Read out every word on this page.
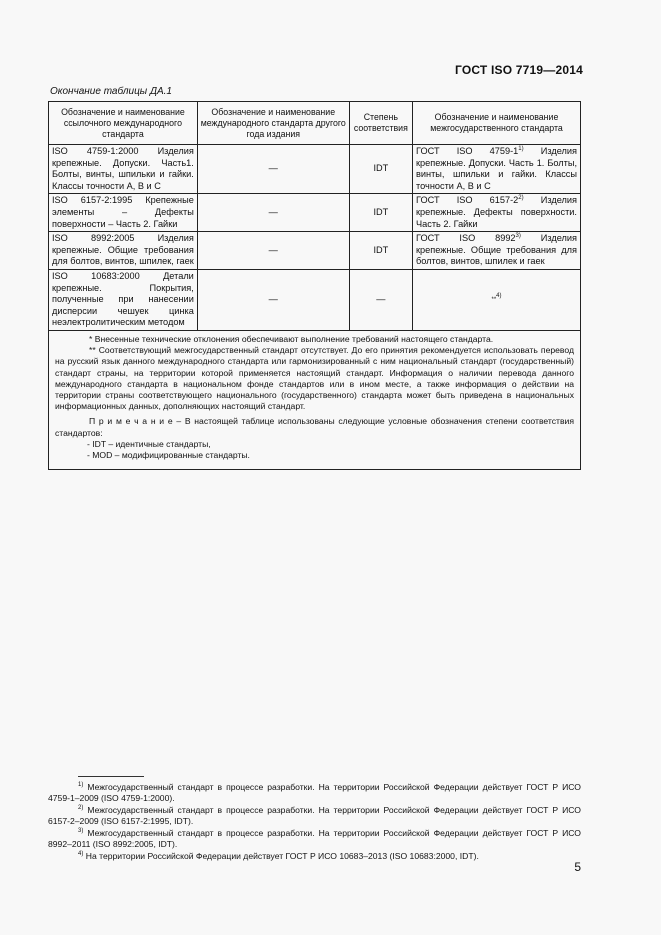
ГОСТ ISO 7719—2014
Окончание таблицы ДА.1
Обозначение и наименование ссылочного международного стандарта	Обозначение и наименование международного стандарта другого года издания	Степень соответствия	Обозначение и наименование межгосударственного стандарта
ISO 4759-1:2000 Изделия крепежные. Допуски. Часть1. Болты, винты, шпильки и гайки. Классы точности А, В и С	—	IDT	ГОСТ ISO 4759-1$^{1)}$ Изделия крепежные. Допуски. Часть 1. Болты, винты, шпильки и гайки. Классы точности А, В и С
ISO 6157-2:1995 Крепежные элементы – Дефекты поверхности – Часть 2. Гайки	—	IDT	ГОСТ ISO 6157-2$^{2)}$ Изделия крепежные. Дефекты поверхности. Часть 2. Гайки
ISO 8992:2005 Изделия крепежные. Общие требования для болтов, винтов, шпилек, гаек	—	IDT	ГОСТ ISO 8992$^{3)}$ Изделия крепежные. Общие требования для болтов, винтов, шпилек и гаек
ISO 10683:2000 Детали крепежные. Покрытия, полученные при нанесении дисперсии чешуек цинка неэлектролитическим методом	—	—	**$^{4)}$

* Внесенные технические отклонения обеспечивают выполнение требований настоящего стандарта.

** Соответствующий межгосударственный стандарт отсутствует. До его принятия рекомендуется использовать перевод на русский язык данного международного стандарта или гармонизированный с ним национальный стандарт (государственный) стандарт страны, на территории которой применяется настоящий стандарт. Информация о наличии перевода данного международного стандарта в национальном фонде стандартов или в ином месте, а также информация о действии на территории страны соответствующего национального (государственного) стандарта может быть приведена в национальных информационных данных, дополняющих настоящий стандарт.

П р и м е ч а н и е – В настоящей таблице использованы следующие условные обозначения степени соответствия стандартов:

- IDT – идентичные стандарты,

- MOD – модифицированные стандарты.			

$^{1)}$ Межгосударственный стандарт в процессе разработки. На территории Российской Федерации действует ГОСТ Р ИСО 4759-1–2009 (ISO 4759-1:2000).
$^{2)}$ Межгосударственный стандарт в процессе разработки. На территории Российской Федерации действует ГОСТ Р ИСО 6157-2–2009 (ISO 6157-2:1995, IDT).
$^{3)}$ Межгосударственный стандарт в процессе разработки. На территории Российской Федерации действует ГОСТ Р ИСО 8992–2011 (ISO 8992:2005, IDT).
$^{4)}$ На территории Российской Федерации действует ГОСТ Р ИСО 10683–2013 (ISO 10683:2000, IDT).
5
